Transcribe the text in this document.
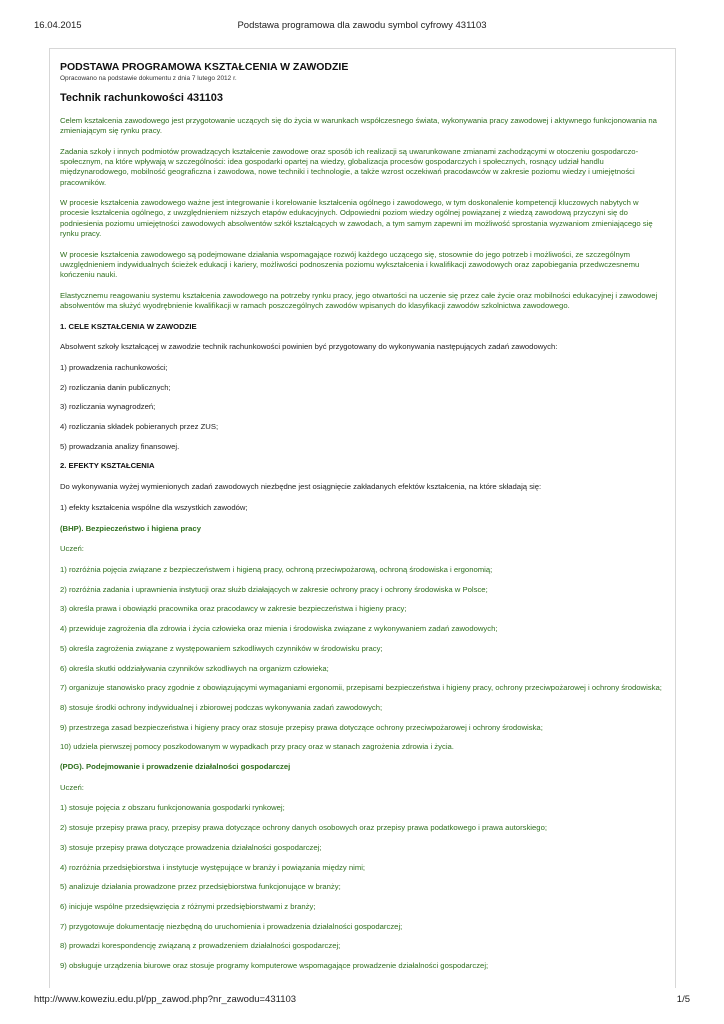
16.04.2015	Podstawa programowa dla zawodu symbol cyfrowy 431103
PODSTAWA PROGRAMOWA KSZTAŁCENIA W ZAWODZIE
Opracowano na podstawie dokumentu z dnia 7 lutego 2012 r.
Technik rachunkowości 431103

Celem kształcenia zawodowego jest przygotowanie uczących się do życia w warunkach współczesnego świata, wykonywania pracy zawodowej i aktywnego funkcjonowania na zmieniającym się rynku pracy.

Zadania szkoły i innych podmiotów prowadzących kształcenie zawodowe oraz sposób ich realizacji są uwarunkowane zmianami zachodzącymi w otoczeniu gospodarczo-społecznym, na które wpływają w szczególności: idea gospodarki opartej na wiedzy, globalizacja procesów gospodarczych i społecznych, rosnący udział handlu międzynarodowego, mobilność geograficzna i zawodowa, nowe techniki i technologie, a także wzrost oczekiwań pracodawców w zakresie poziomu wiedzy i umiejętności pracowników.

W procesie kształcenia zawodowego ważne jest integrowanie i korelowanie kształcenia ogólnego i zawodowego, w tym doskonalenie kompetencji kluczowych nabytych w procesie kształcenia ogólnego, z uwzględnieniem niższych etapów edukacyjnych. Odpowiedni poziom wiedzy ogólnej powiązanej z wiedzą zawodową przyczyni się do podniesienia poziomu umiejętności zawodowych absolwentów szkół kształcących w zawodach, a tym samym zapewni im możliwość sprostania wyzwaniom zmieniającego się rynku pracy.

W procesie kształcenia zawodowego są podejmowane działania wspomagające rozwój każdego uczącego się, stosownie do jego potrzeb i możliwości, ze szczególnym uwzględnieniem indywidualnych ścieżek edukacji i kariery, możliwości podnoszenia poziomu wykształcenia i kwalifikacji zawodowych oraz zapobiegania przedwczesnemu kończeniu nauki.

Elastycznemu reagowaniu systemu kształcenia zawodowego na potrzeby rynku pracy, jego otwartości na uczenie się przez całe życie oraz mobilności edukacyjnej i zawodowej absolwentów ma służyć wyodrębnienie kwalifikacji w ramach poszczególnych zawodów wpisanych do klasyfikacji zawodów szkolnictwa zawodowego.

1. CELE KSZTAŁCENIA W ZAWODZIE

Absolwent szkoły kształcącej w zawodzie technik rachunkowości powinien być przygotowany do wykonywania następujących zadań zawodowych:

1) prowadzenia rachunkowości;

2) rozliczania danin publicznych;

3) rozliczania wynagrodzeń;

4) rozliczania składek pobieranych przez ZUS;

5) prowadzania analizy finansowej.

2. EFEKTY KSZTAŁCENIA

Do wykonywania wyżej wymienionych zadań zawodowych niezbędne jest osiągnięcie zakładanych efektów kształcenia, na które składają się:

1) efekty kształcenia wspólne dla wszystkich zawodów;

(BHP). Bezpieczeństwo i higiena pracy

Uczeń:

1) rozróżnia pojęcia związane z bezpieczeństwem i higieną pracy, ochroną przeciwpożarową, ochroną środowiska i ergonomią;

2) rozróżnia zadania i uprawnienia instytucji oraz służb działających w zakresie ochrony pracy i ochrony środowiska w Polsce;

3) określa prawa i obowiązki pracownika oraz pracodawcy w zakresie bezpieczeństwa i higieny pracy;

4) przewiduje zagrożenia dla zdrowia i życia człowieka oraz mienia i środowiska związane z wykonywaniem zadań zawodowych;

5) określa zagrożenia związane z występowaniem szkodliwych czynników w środowisku pracy;

6) określa skutki oddziaływania czynników szkodliwych na organizm człowieka;

7) organizuje stanowisko pracy zgodnie z obowiązującymi wymaganiami ergonomii, przepisami bezpieczeństwa i higieny pracy, ochrony przeciwpożarowej i ochrony środowiska;

8) stosuje środki ochrony indywidualnej i zbiorowej podczas wykonywania zadań zawodowych;

9) przestrzega zasad bezpieczeństwa i higieny pracy oraz stosuje przepisy prawa dotyczące ochrony przeciwpożarowej i ochrony środowiska;

10) udziela pierwszej pomocy poszkodowanym w wypadkach przy pracy oraz w stanach zagrożenia zdrowia i życia.

(PDG). Podejmowanie i prowadzenie działalności gospodarczej

Uczeń:

1) stosuje pojęcia z obszaru funkcjonowania gospodarki rynkowej;

2) stosuje przepisy prawa pracy, przepisy prawa dotyczące ochrony danych osobowych oraz przepisy prawa podatkowego i prawa autorskiego;

3) stosuje przepisy prawa dotyczące prowadzenia działalności gospodarczej;

4) rozróżnia przedsiębiorstwa i instytucje występujące w branży i powiązania między nimi;

5) analizuje działania prowadzone przez przedsiębiorstwa funkcjonujące w branży;

6) inicjuje wspólne przedsięwzięcia z różnymi przedsiębiorstwami z branży;

7) przygotowuje dokumentację niezbędną do uruchomienia i prowadzenia działalności gospodarczej;

8) prowadzi korespondencję związaną z prowadzeniem działalności gospodarczej;

9) obsługuje urządzenia biurowe oraz stosuje programy komputerowe wspomagające prowadzenie działalności gospodarczej;

http://www.koweziu.edu.pl/pp_zawod.php?nr_zawodu=431103	1/5
